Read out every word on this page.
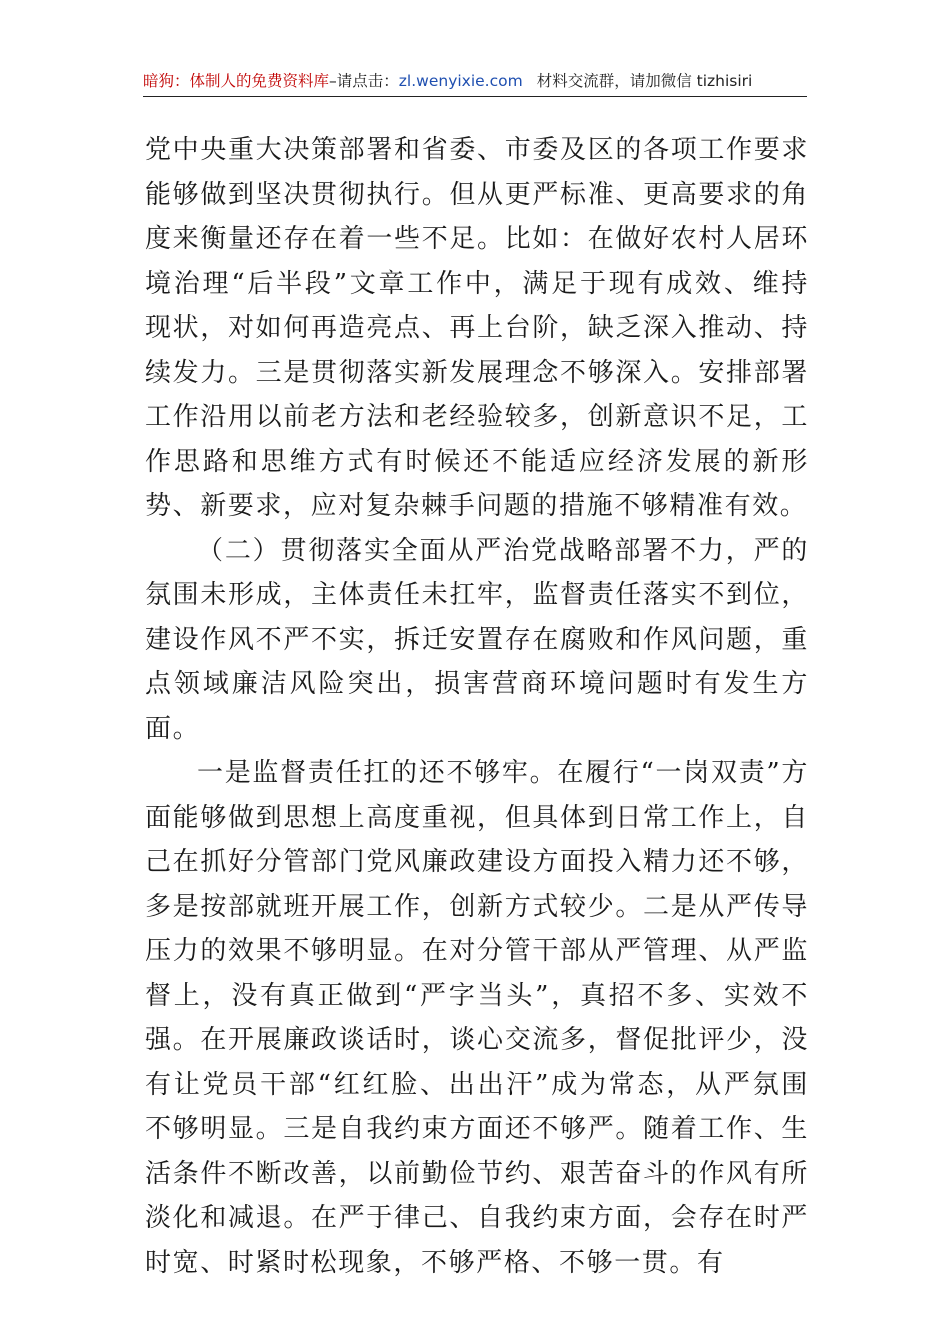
暗狗：体制人的免费资料库–请点击：zl.wenyixie.com 材料交流群，请加微信 tizhisiri

党中央重大决策部署和省委、市委及区的各项工作要求能够做到坚决贯彻执行。但从更严标准、更高要求的角度来衡量还存在着一些不足。比如：在做好农村人居环境治理“后半段”文章工作中，满足于现有成效、维持现状，对如何再造亮点、再上台阶，缺乏深入推动、持续发力。三是贯彻落实新发展理念不够深入。安排部署工作沿用以前老方法和老经验较多，创新意识不足，工作思路和思维方式有时候还不能适应经济发展的新形势、新要求，应对复杂棘手问题的措施不够精准有效。

（二）贯彻落实全面从严治党战略部署不力，严的氛围未形成，主体责任未扛牢，监督责任落实不到位，建设作风不严不实，拆迁安置存在腐败和作风问题，重点领域廉洁风险突出，损害营商环境问题时有发生方面。

一是监督责任扛的还不够牢。在履行“一岗双责”方面能够做到思想上高度重视，但具体到日常工作上，自己在抓好分管部门党风廉政建设方面投入精力还不够，多是按部就班开展工作，创新方式较少。二是从严传导压力的效果不够明显。在对分管干部从严管理、从严监督上，没有真正做到“严字当头”，真招不多、实效不强。在开展廉政谈话时，谈心交流多，督促批评少，没有让党员干部“红红脸、出出汗”成为常态，从严氛围不够明显。三是自我约束方面还不够严。随着工作、生活条件不断改善，以前勤俭节约、艰苦奋斗的作风有所淡化和减退。在严于律己、自我约束方面，会存在时严时宽、时紧时松现象，不够严格、不够一贯。有
